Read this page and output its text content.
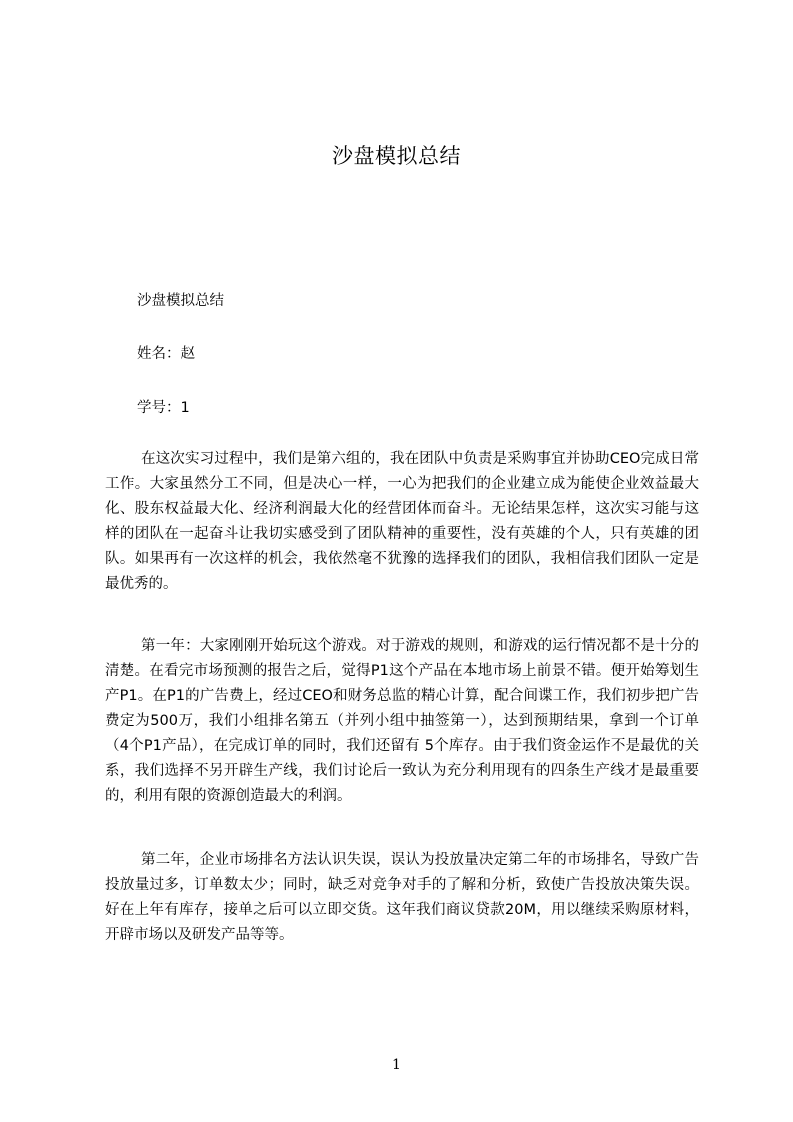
沙盘模拟总结
沙盘模拟总结
姓名：赵
学号：1

在这次实习过程中，我们是第六组的，我在团队中负责是采购事宜并协助CEO完成日常工作。大家虽然分工不同，但是决心一样，一心为把我们的企业建立成为能使企业效益最大化、股东权益最大化、经济利润最大化的经营团体而奋斗。无论结果怎样，这次实习能与这样的团队在一起奋斗让我切实感受到了团队精神的重要性，没有英雄的个人，只有英雄的团队。如果再有一次这样的机会，我依然毫不犹豫的选择我们的团队，我相信我们团队一定是最优秀的。

第一年：大家刚刚开始玩这个游戏。对于游戏的规则，和游戏的运行情况都不是十分的清楚。在看完市场预测的报告之后，觉得P1这个产品在本地市场上前景不错。便开始筹划生产P1。在P1的广告费上，经过CEO和财务总监的精心计算，配合间谍工作，我们初步把广告费定为500万，我们小组排名第五（并列小组中抽签第一），达到预期结果，拿到一个订单（4个P1产品），在完成订单的同时，我们还留有 5个库存。由于我们资金运作不是最优的关系，我们选择不另开辟生产线，我们讨论后一致认为充分利用现有的四条生产线才是最重要的，利用有限的资源创造最大的利润。

第二年，企业市场排名方法认识失误，误认为投放量决定第二年的市场排名，导致广告投放量过多，订单数太少；同时，缺乏对竞争对手的了解和分析，致使广告投放决策失误。好在上年有库存，接单之后可以立即交货。这年我们商议贷款20M，用以继续采购原材料，开辟市场以及研发产品等等。

1
